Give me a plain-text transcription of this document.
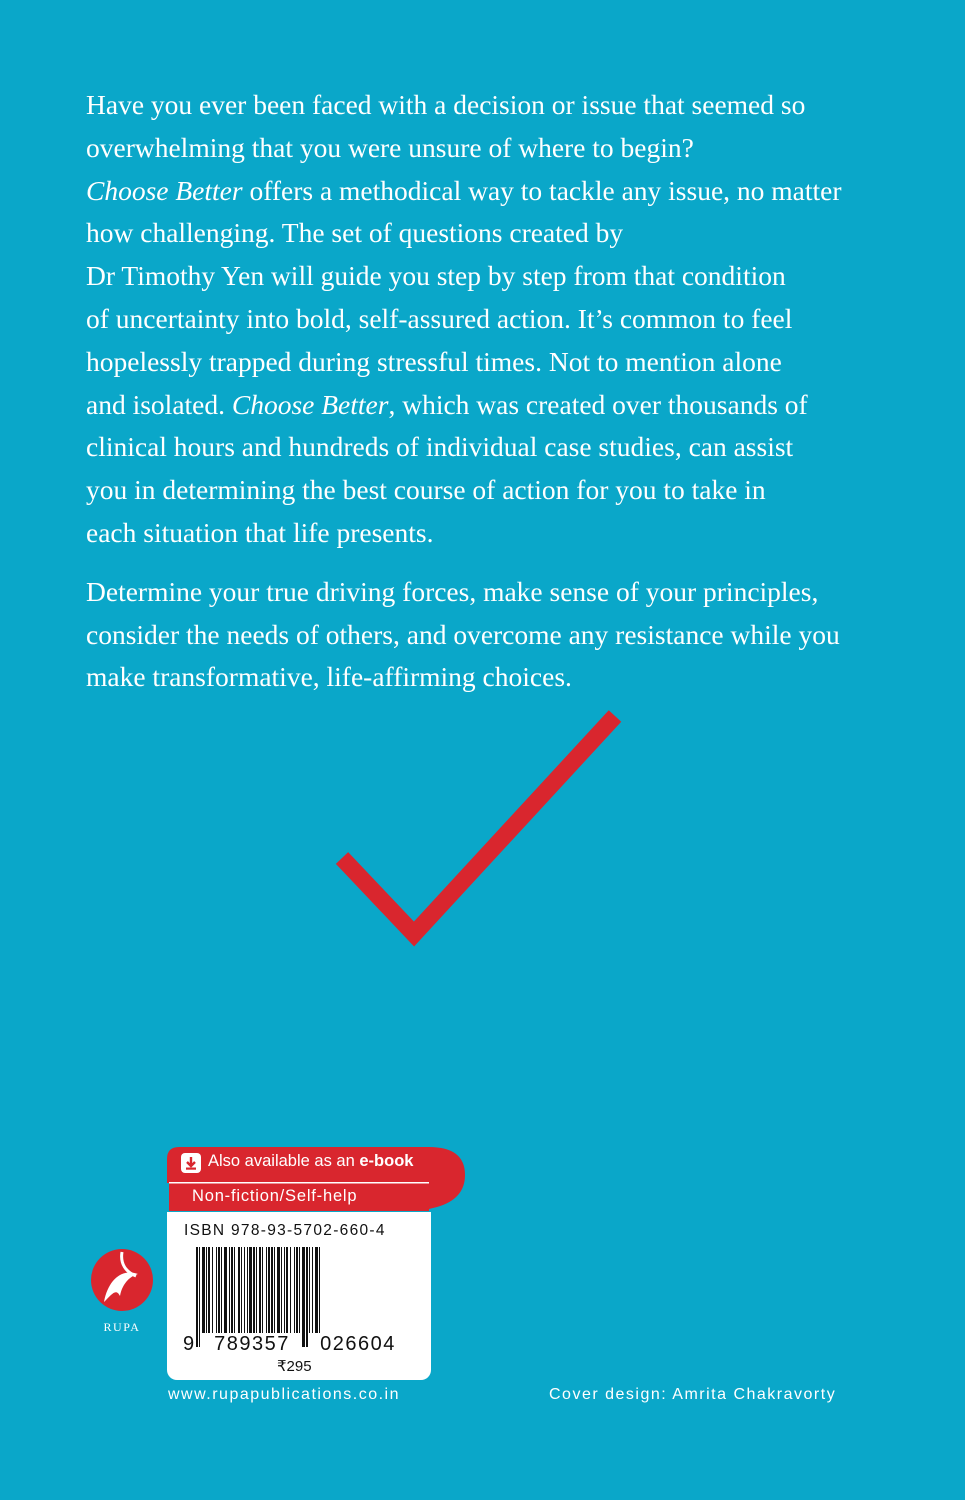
Have you ever been faced with a decision or issue that seemed so
overwhelming that you were unsure of where to begin?
Choose Better offers a methodical way to tackle any issue, no matter
how challenging. The set of questions created by
Dr Timothy Yen will guide you step by step from that condition
of uncertainty into bold, self-assured action. It’s common to feel
hopelessly trapped during stressful times. Not to mention alone
and isolated. Choose Better, which was created over thousands of
clinical hours and hundreds of individual case studies, can assist
you in determining the best course of action for you to take in
each situation that life presents.
Determine your true driving forces, make sense of your principles,
consider the needs of others, and overcome any resistance while you
make transformative, life-affirming choices.
Also available as an e-book
Non-fiction/Self-help
ISBN 978-93-5702-660-4
9	789357	026604
₹295
RUPA
www.rupapublications.co.in	Cover design: Amrita Chakravorty
